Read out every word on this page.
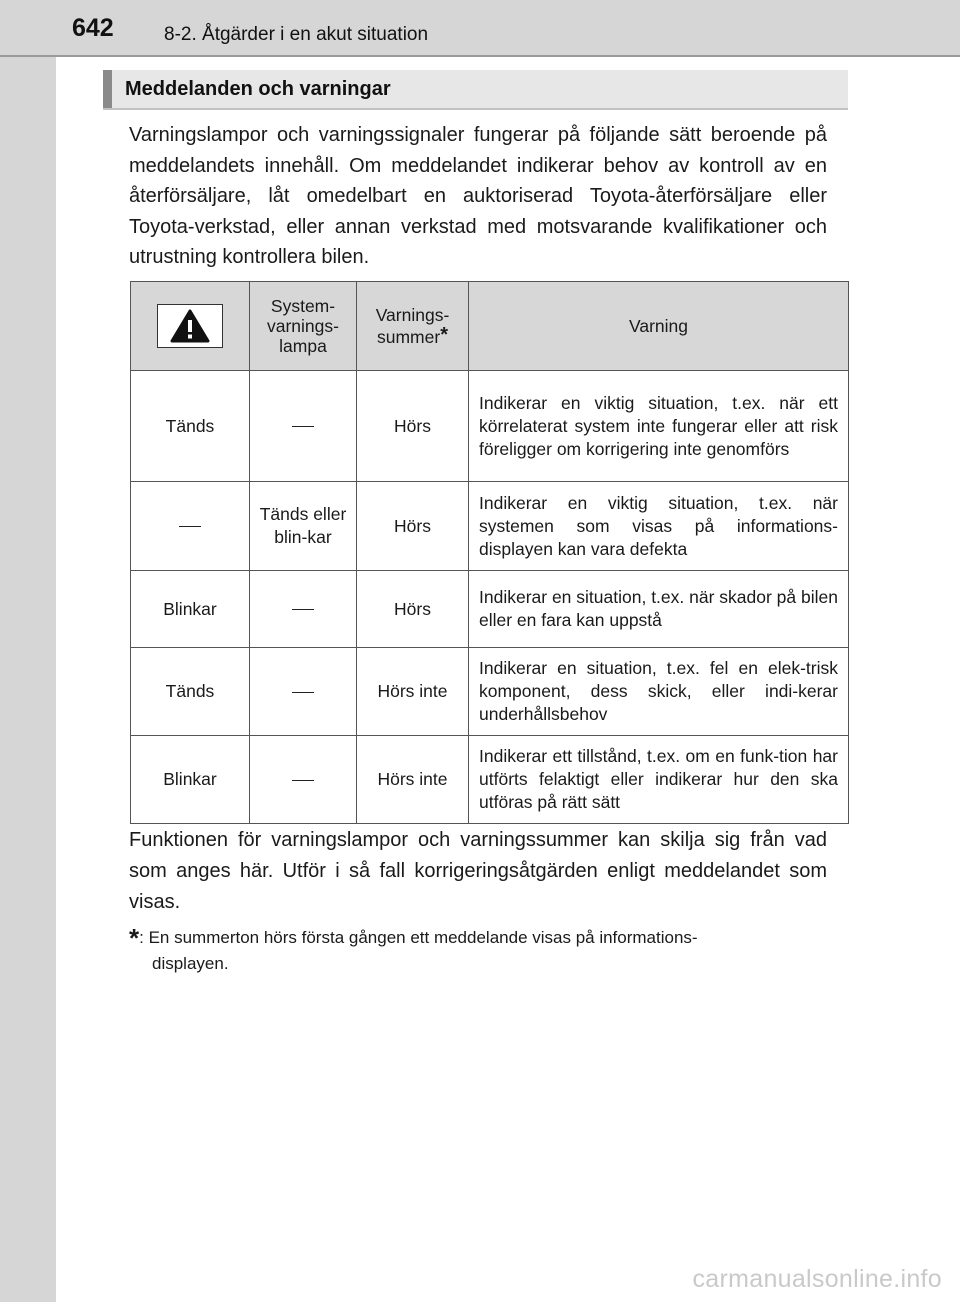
642	8-2. Åtgärder i en akut situation
Meddelanden och varningar

Varningslampor och varningssignaler fungerar på följande sätt beroende på meddelandets innehåll. Om meddelandet indikerar behov av kontroll av en återförsäljare, låt omedelbart en auktoriserad Toyota-återförsäljare eller Toyota-verkstad, eller annan verkstad med motsvarande kvalifikationer och utrustning kontrollera bilen.

	System-varnings-lampa	Varnings-summer*	Varning
Tänds		Hörs	Indikerar en viktig situation, t.ex. när ett körrelaterat system inte fungerar eller att risk föreligger om korrigering inte genomförs
	Tänds eller blin-kar	Hörs	Indikerar en viktig situation, t.ex. när systemen som visas på informations-displayen kan vara defekta
Blinkar		Hörs	Indikerar en situation, t.ex. när skador på bilen eller en fara kan uppstå
Tänds		Hörs inte	Indikerar en situation, t.ex. fel en elek-trisk komponent, dess skick, eller indi-kerar underhållsbehov
Blinkar		Hörs inte	Indikerar ett tillstånd, t.ex. om en funk-tion har utförts felaktigt eller indikerar hur den ska utföras på rätt sätt

Funktionen för varningslampor och varningssummer kan skilja sig från vad som anges här. Utför i så fall korrigeringsåtgärden enligt meddelandet som visas.

*: En summerton hörs första gången ett meddelande visas på informations-
displayen.
carmanualsonline.info
